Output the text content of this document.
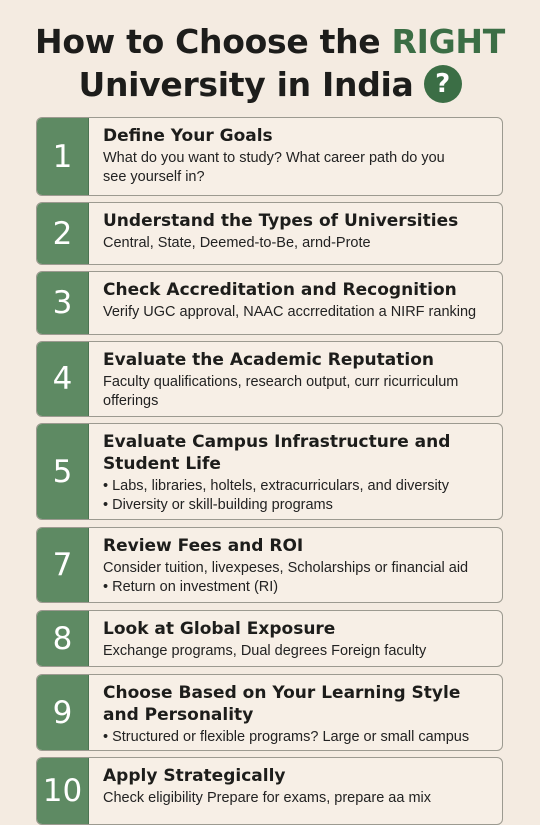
How to Choose the RIGHT
University in India ?
1
Define Your Goals
What do you want to study? What career path do you
see yourself in?
2	Understand the Types of Universities
Central, State, Deemed-to-Be, arnd-Prote
3	Check Accreditation and Recognition
Verify UGC approval, NAAC accrreditation a NIRF ranking
4
Evaluate the Academic Reputation
Faculty qualifications, research output, curr ricurriculum
offerings
5
Evaluate Campus Infrastructure and
Student Life
• Labs, libraries, holtels, extracurriculars, and diversity
• Diversity or skill-building programs
7
Review Fees and ROI
Consider tuition, livexpeses, Scholarships or financial aid
• Return on investment (RI)
8	Look at Global Exposure
Exchange programs, Dual degrees Foreign faculty
9
Choose Based on Your Learning Style
and Personality
• Structured or flexible programs? Large or small campus
10	Apply Strategically
Check eligibility Prepare for exams, prepare aa mix
